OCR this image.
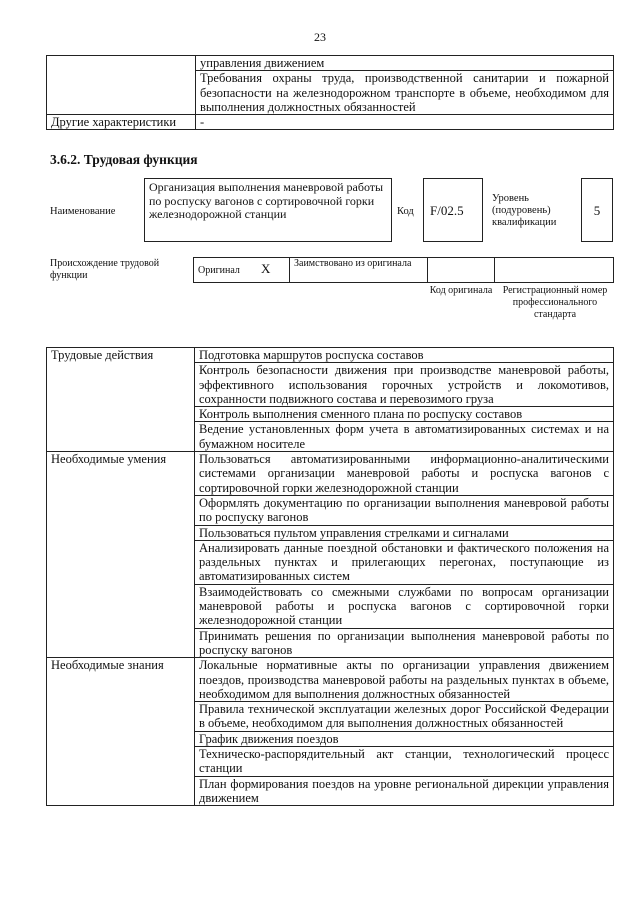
23
	управления движением
	Требования охраны труда, производственной санитарии и пожарной безопасности на железнодорожном транспорте в объеме, необходимом для выполнения должностных обязанностей
Другие характеристики	-
3.6.2. Трудовая функция
Наименование
Организация выполнения маневровой работы по роспуску вагонов с сортировочной горки железнодорожной станции	Код	F/02.5
Уровень (подуровень) квалификации
5
Происхождение трудовой функции	Оригинал X	Заимствовано из оригинала		
Код оригинала	Регистрационный номер профессионального стандарта
Трудовые действия	Подготовка маршрутов роспуска составов
	Контроль безопасности движения при производстве маневровой работы, эффективного использования горочных устройств и локомотивов, сохранности подвижного состава и перевозимого груза
	Контроль выполнения сменного плана по роспуску составов
	Ведение установленных форм учета в автоматизированных системах и на бумажном носителе
Необходимые умения	Пользоваться автоматизированными информационно-аналитическими системами организации маневровой работы и роспуска вагонов с сортировочной горки железнодорожной станции
	Оформлять документацию по организации выполнения маневровой работы по роспуску вагонов
	Пользоваться пультом управления стрелками и сигналами
	Анализировать данные поездной обстановки и фактического положения на раздельных пунктах и прилегающих перегонах, поступающие из автоматизированных систем
	Взаимодействовать со смежными службами по вопросам организации маневровой работы и роспуска вагонов с сортировочной горки железнодорожной станции
	Принимать решения по организации выполнения маневровой работы по роспуску вагонов
Необходимые знания	Локальные нормативные акты по организации управления движением поездов, производства маневровой работы на раздельных пунктах в объеме, необходимом для выполнения должностных обязанностей
	Правила технической эксплуатации железных дорог Российской Федерации в объеме, необходимом для выполнения должностных обязанностей
	График движения поездов
	Техническо-распорядительный акт станции, технологический процесс станции
	План формирования поездов на уровне региональной дирекции управления движением
